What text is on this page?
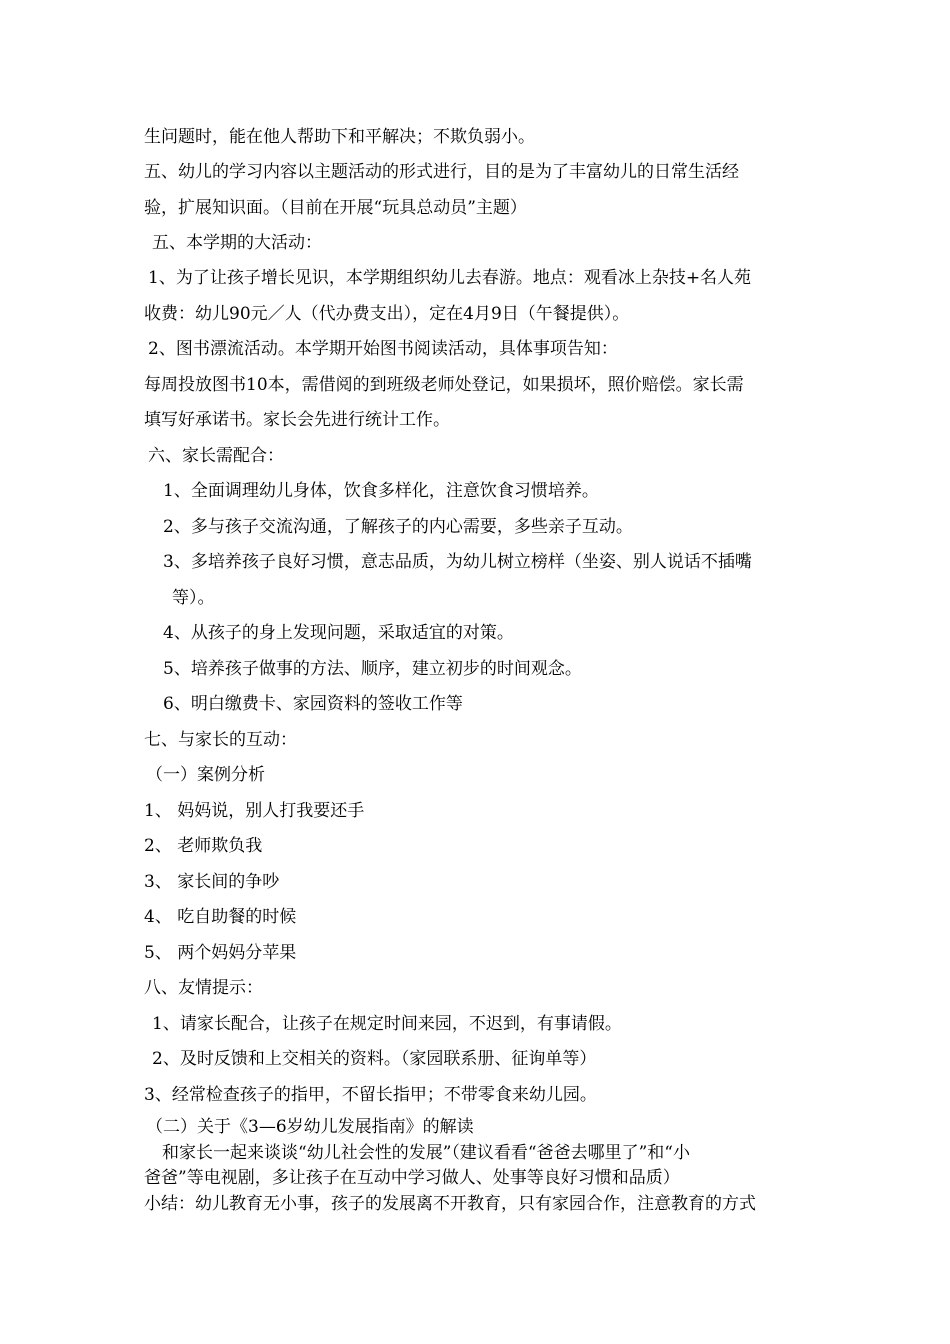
生问题时，能在他人帮助下和平解决；不欺负弱小。
五、幼儿的学习内容以主题活动的形式进行，目的是为了丰富幼儿的日常生活经
验，扩展知识面。（目前在开展“玩具总动员”主题）
五、本学期的大活动：
1、为了让孩子增长见识，本学期组织幼儿去春游。地点：观看冰上杂技+名人苑
收费：幼儿90元／人（代办费支出），定在4月9日（午餐提供）。
2、图书漂流活动。本学期开始图书阅读活动，具体事项告知：
每周投放图书10本，需借阅的到班级老师处登记，如果损坏，照价赔偿。家长需
填写好承诺书。家长会先进行统计工作。
六、家长需配合：
1、全面调理幼儿身体，饮食多样化，注意饮食习惯培养。
2、多与孩子交流沟通，了解孩子的内心需要，多些亲子互动。
3、多培养孩子良好习惯，意志品质，为幼儿树立榜样（坐姿、别人说话不插嘴
等）。
4、从孩子的身上发现问题，采取适宜的对策。
5、培养孩子做事的方法、顺序，建立初步的时间观念。
6、明白缴费卡、家园资料的签收工作等
七、与家长的互动：
（一）案例分析
1、 妈妈说，别人打我要还手
2、 老师欺负我
3、 家长间的争吵
4、 吃自助餐的时候
5、 两个妈妈分苹果
八、友情提示：
1、请家长配合，让孩子在规定时间来园，不迟到，有事请假。
2、及时反馈和上交相关的资料。（家园联系册、征询单等）
3、经常检查孩子的指甲，不留长指甲；不带零食来幼儿园。
（二）关于《3—6岁幼儿发展指南》的解读
和家长一起来谈谈“幼儿社会性的发展”（建议看看“爸爸去哪里了”和“小
爸爸”等电视剧，多让孩子在互动中学习做人、处事等良好习惯和品质）
小结：幼儿教育无小事，孩子的发展离不开教育，只有家园合作，注意教育的方式
